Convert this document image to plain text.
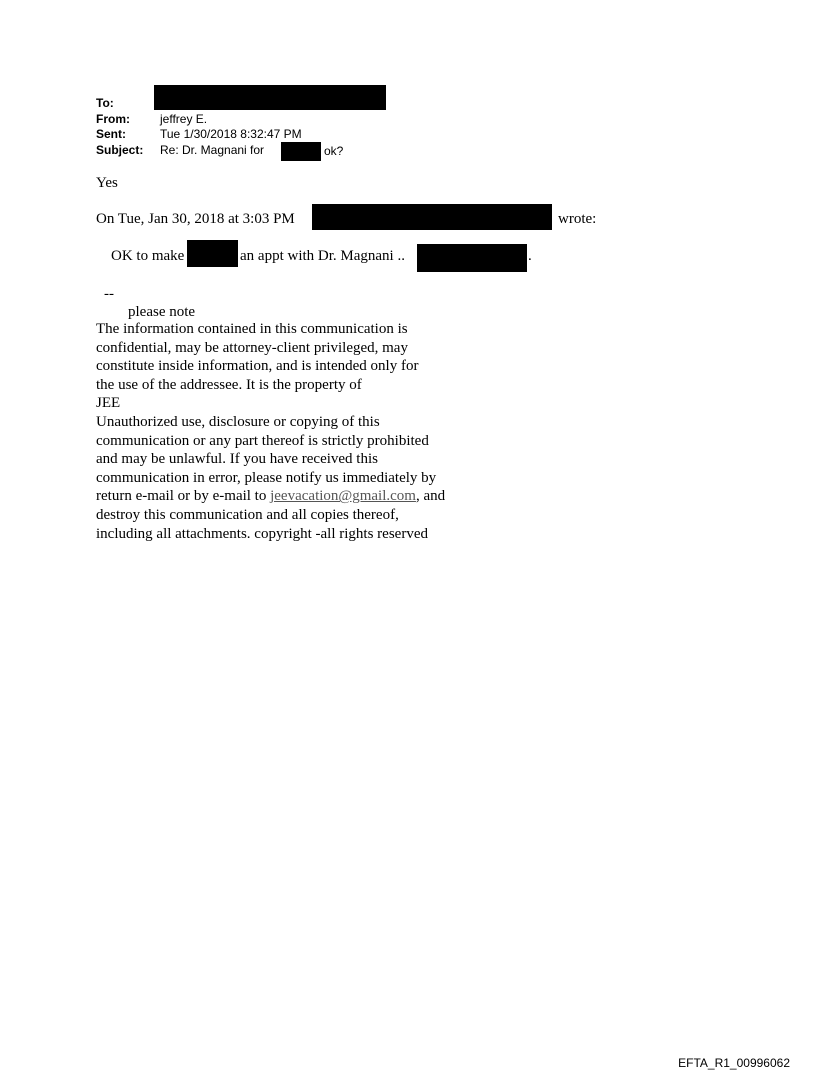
To:
From:	jeffrey E.
Sent:	Tue 1/30/2018 8:32:47 PM
Subject: Re: Dr. Magnani for	ok?
Yes
On Tue, Jan 30, 2018 at 3:03 PM	wrote:
OK to make	an appt with Dr. Magnani ..	.
--
please note
The information contained in this communication is
confidential, may be attorney-client privileged, may
constitute inside information, and is intended only for
the use of the addressee. It is the property of
JEE
Unauthorized use, disclosure or copying of this
communication or any part thereof is strictly prohibited
and may be unlawful. If you have received this
communication in error, please notify us immediately by
return e-mail or by e-mail to jeevacation@gmail.com, and
destroy this communication and all copies thereof,
including all attachments. copyright -all rights reserved
EFTA_R1_00996062
